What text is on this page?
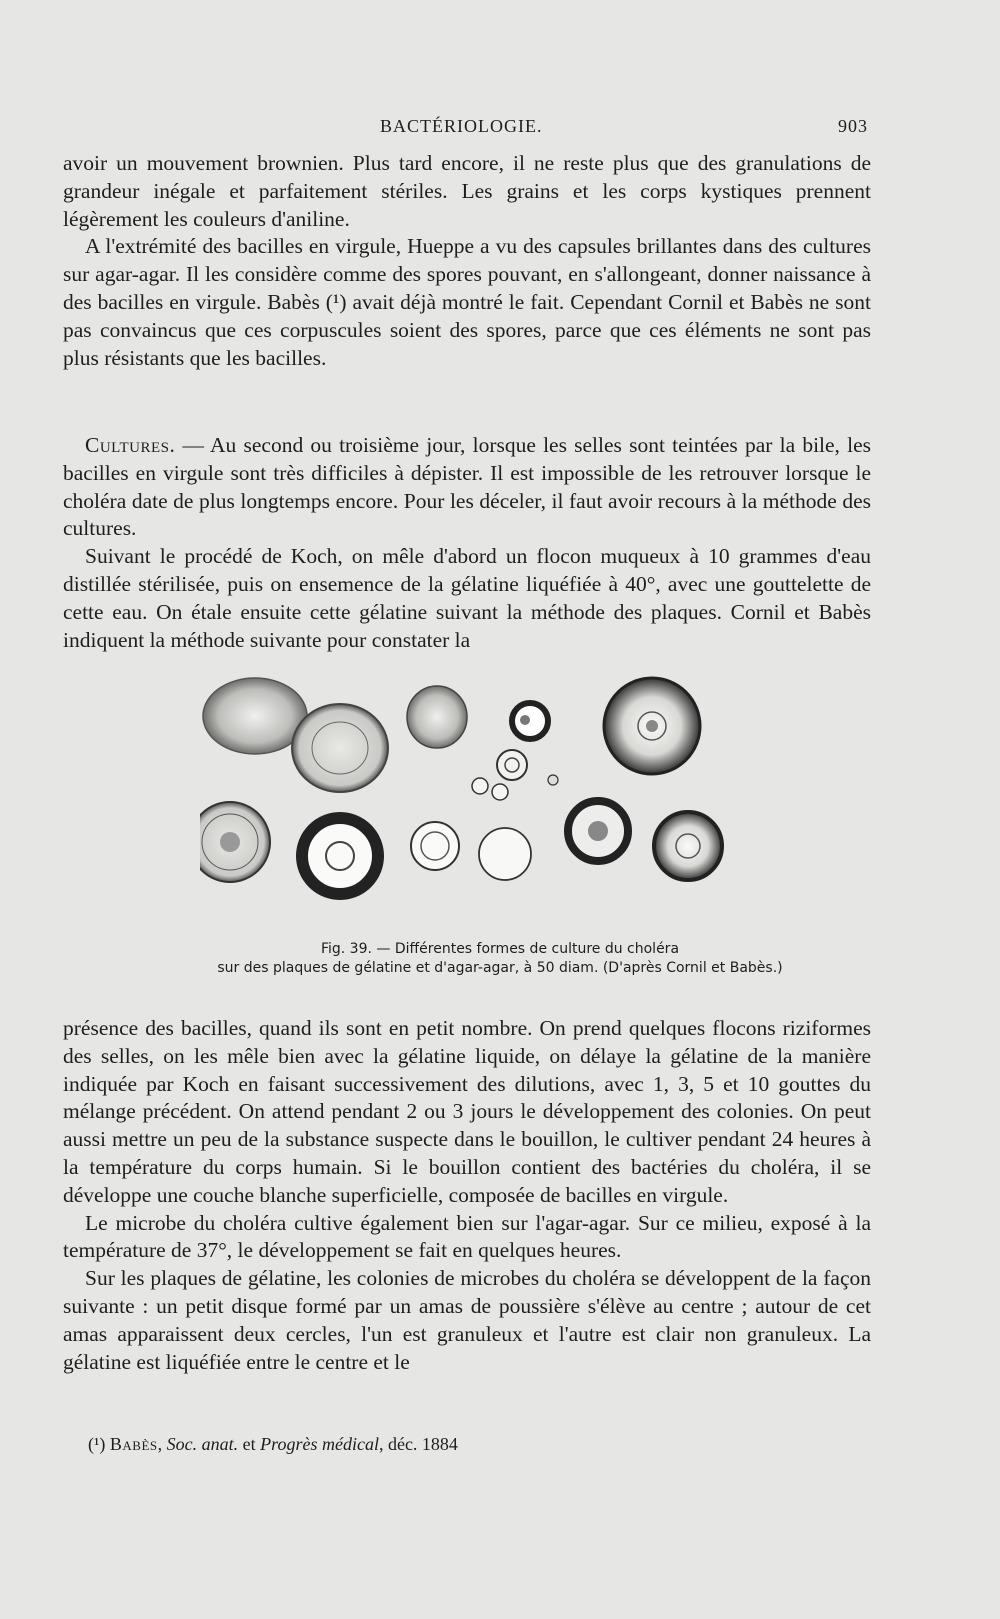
BACTÉRIOLOGIE.	903

avoir un mouvement brownien. Plus tard encore, il ne reste plus que des granulations de grandeur inégale et parfaitement stériles. Les grains et les corps kystiques prennent légèrement les couleurs d'aniline.

A l'extrémité des bacilles en virgule, Hueppe a vu des capsules brillantes dans des cultures sur agar-agar. Il les considère comme des spores pouvant, en s'allongeant, donner naissance à des bacilles en virgule. Babès (¹) avait déjà montré le fait. Cependant Cornil et Babès ne sont pas convaincus que ces corpuscules soient des spores, parce que ces éléments ne sont pas plus résistants que les bacilles.

Cultures. — Au second ou troisième jour, lorsque les selles sont teintées par la bile, les bacilles en virgule sont très difficiles à dépister. Il est impossible de les retrouver lorsque le choléra date de plus longtemps encore. Pour les déceler, il faut avoir recours à la méthode des cultures.

Suivant le procédé de Koch, on mêle d'abord un flocon muqueux à 10 grammes d'eau distillée stérilisée, puis on ensemence de la gélatine liquéfiée à 40°, avec une gouttelette de cette eau. On étale ensuite cette gélatine suivant la méthode des plaques. Cornil et Babès indiquent la méthode suivante pour constater la

Fig. 39. — Différentes formes de culture du choléra
sur des plaques de gélatine et d'agar-agar, à 50 diam. (D'après Cornil et Babès.)

présence des bacilles, quand ils sont en petit nombre. On prend quelques flocons riziformes des selles, on les mêle bien avec la gélatine liquide, on délaye la gélatine de la manière indiquée par Koch en faisant successivement des dilutions, avec 1, 3, 5 et 10 gouttes du mélange précédent. On attend pendant 2 ou 3 jours le développement des colonies. On peut aussi mettre un peu de la substance suspecte dans le bouillon, le cultiver pendant 24 heures à la température du corps humain. Si le bouillon contient des bactéries du choléra, il se développe une couche blanche superficielle, composée de bacilles en virgule.

Le microbe du choléra cultive également bien sur l'agar-agar. Sur ce milieu, exposé à la température de 37°, le développement se fait en quelques heures.

Sur les plaques de gélatine, les colonies de microbes du choléra se développent de la façon suivante : un petit disque formé par un amas de poussière s'élève au centre ; autour de cet amas apparaissent deux cercles, l'un est granuleux et l'autre est clair non granuleux. La gélatine est liquéfiée entre le centre et le

(¹) Babès, Soc. anat. et Progrès médical, déc. 1884
